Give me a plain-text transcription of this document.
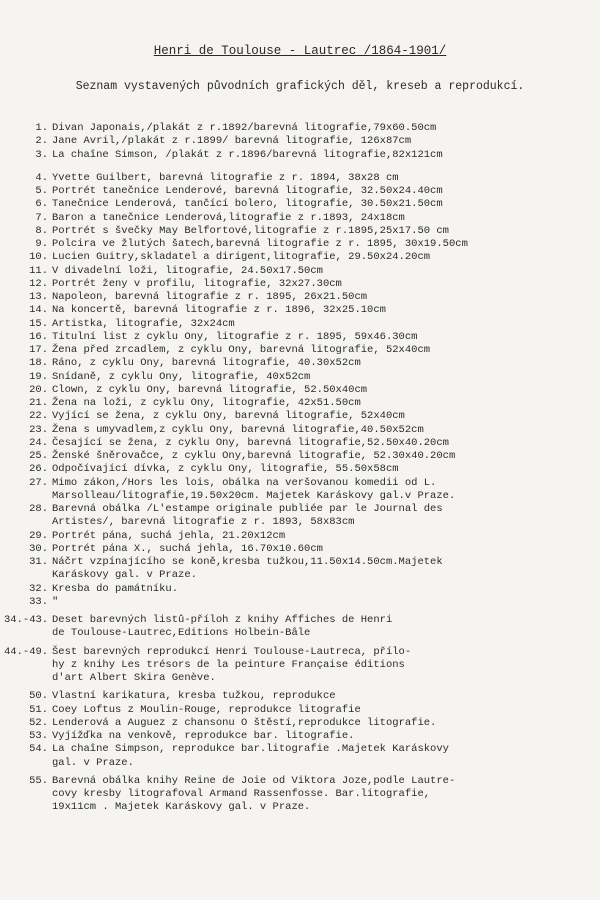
Henri de Toulouse - Lautrec /1864-1901/
Seznam vystavených původních grafických děl, kreseb a reprodukcí.
1. Divan Japonais,/plakát z r.1892/barevná litografie,79x60.50cm
2. Jane Avril,/plakát z r.1899/ barevná litografie, 126x87cm
3. La chaîne Simson, /plakát z r.1896/barevná litografie,82x121cm
4. Yvette Guilbert, barevná litografie z r. 1894, 38x28 cm
5. Portrét tanečnice Lenderové, barevná litografie, 32.50x24.40cm
6. Tanečnice Lenderová, tančící bolero, litografie, 30.50x21.50cm
7. Baron a tanečnice Lenderová,litografie z r.1893, 24x18cm
8. Portrét s švečky May Belfortové,litografie z r.1895,25x17.50 cm
9. Polcira ve žlutých šatech,barevná litografie z r. 1895, 30x19.50cm
10. Lucien Guitry,skladatel a dirigent,litografie, 29.50x24.20cm
11. V divadelní loži, litografie, 24.50x17.50cm
12. Portrét ženy v profilu, litografie, 32x27.30cm
13. Napoleon, barevná litografie z r. 1895, 26x21.50cm
14. Na koncertě, barevná litografie z r. 1896, 32x25.10cm
15. Artistka, litografie, 32x24cm
16. Titulní list z cyklu Ony, litografie z r. 1895, 59x46.30cm
17. Žena před zrcadlem, z cyklu Ony, barevná litografie, 52x40cm
18. Ráno, z cyklu Ony, barevná litografie, 40.30x52cm
19. Snídaně, z cyklu Ony, litografie, 40x52cm
20. Clown, z cyklu Ony, barevná litografie, 52.50x40cm
21. Žena na loži, z cyklu Ony, litografie, 42x51.50cm
22. Vyjící se žena, z cyklu Ony, barevná litografie, 52x40cm
23. Žena s umyvadlem,z cyklu Ony, barevná litografie,40.50x52cm
24. Česající se žena, z cyklu Ony, barevná litografie,52.50x40.20cm
25. Ženské šněrovačce, z cyklu Ony,barevná litografie, 52.30x40.20cm
26. Odpočívající dívka, z cyklu Ony, litografie, 55.50x58cm
27. Mimo zákon,/Hors les lois, obálka na veršovanou komedii od L.
Marsolleau/litografie,19.50x20cm. Majetek Karáskovy gal.v Praze.
28. Barevná obálka /L'estampe originale publiée par le Journal des
Artistes/, barevná litografie z r. 1893, 58x83cm
29. Portrét pána, suchá jehla, 21.20x12cm
30. Portrét pána X., suchá jehla, 16.70x10.60cm
31. Náčrt vzpínajícího se koně,kresba tužkou,11.50x14.50cm.Majetek
Karáskovy gal. v Praze.
32. Kresba do památníku.
33. "
34.-43. Deset barevných listů-příloh z knihy Affiches de Henri
de Toulouse-Lautrec,Editions Holbein-Bâle
44.-49. Šest barevných reprodukcí Henri Toulouse-Lautreca, přílo-
hy z knihy Les trésors de la peinture Française éditions
d'art Albert Skira Genève.
50. Vlastní karikatura, kresba tužkou, reprodukce
51. Coey Loftus z Moulin-Rouge, reprodukce litografie
52. Lenderová a Auguez z chansonu O štěstí,reprodukce litografie.
53. Vyjížďka na venkově, reprodukce bar. litografie.
54. La chaîne Simpson, reprodukce bar.litografie .Majetek Karáskovy
gal. v Praze.
55. Barevná obálka knihy Reine de Joie od Viktora Joze,podle Lautre-
covy kresby litografoval Armand Rassenfosse. Bar.litografie,
19x11cm . Majetek Karáskovy gal. v Praze.
